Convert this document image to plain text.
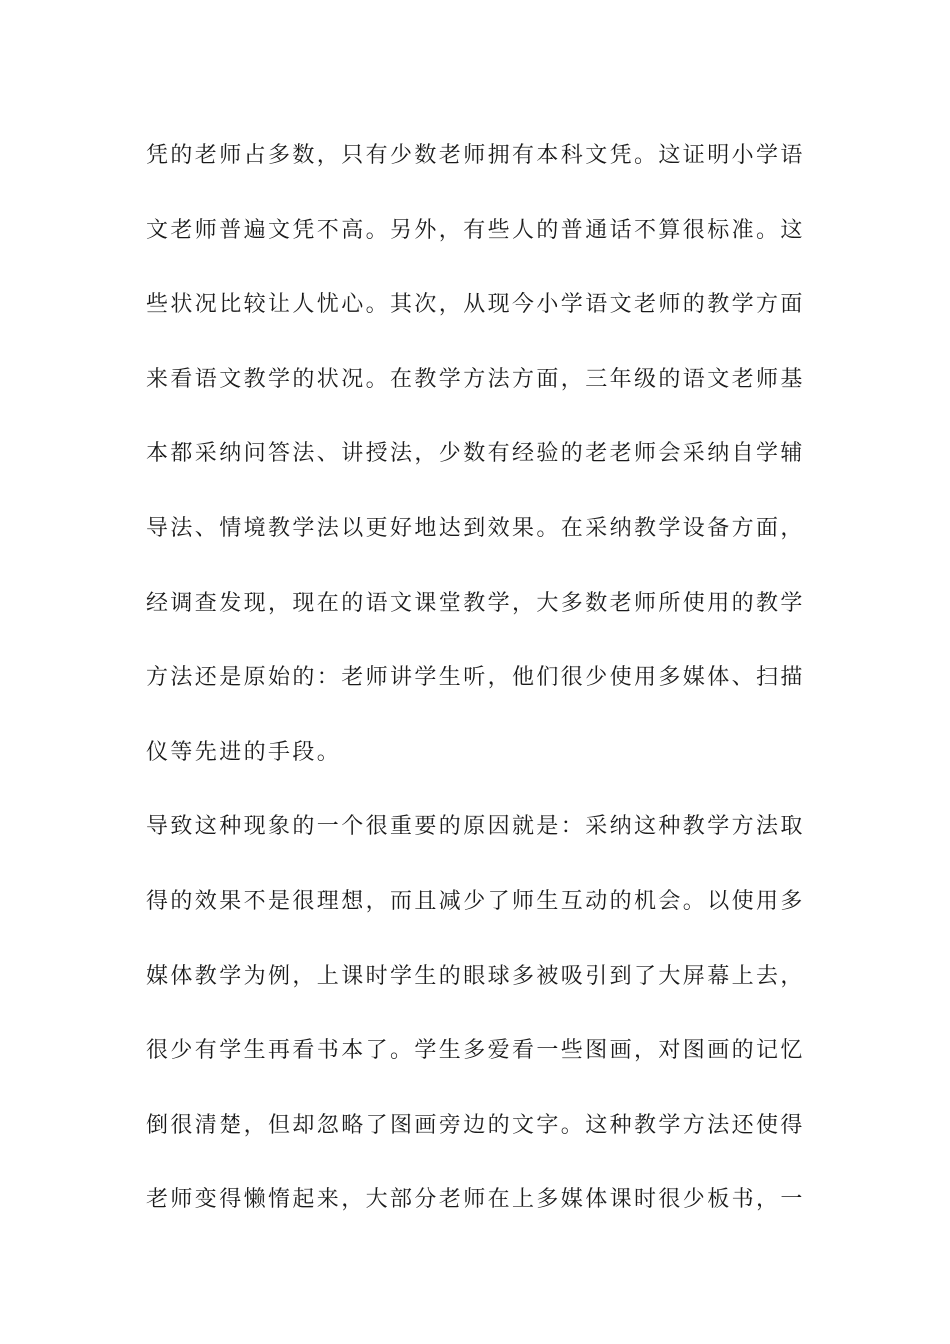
凭的老师占多数，只有少数老师拥有本科文凭。这证明小学语
文老师普遍文凭不高。另外，有些人的普通话不算很标准。这
些状况比较让人忧心。其次，从现今小学语文老师的教学方面
来看语文教学的状况。在教学方法方面，三年级的语文老师基
本都采纳问答法、讲授法，少数有经验的老老师会采纳自学辅
导法、情境教学法以更好地达到效果。在采纳教学设备方面，
经调查发现，现在的语文课堂教学，大多数老师所使用的教学
方法还是原始的：老师讲学生听，他们很少使用多媒体、扫描
仪等先进的手段。
导致这种现象的一个很重要的原因就是：采纳这种教学方法取
得的效果不是很理想，而且减少了师生互动的机会。以使用多
媒体教学为例，上课时学生的眼球多被吸引到了大屏幕上去，
很少有学生再看书本了。学生多爱看一些图画，对图画的记忆
倒很清楚，但却忽略了图画旁边的文字。这种教学方法还使得
老师变得懒惰起来，大部分老师在上多媒体课时很少板书，一
